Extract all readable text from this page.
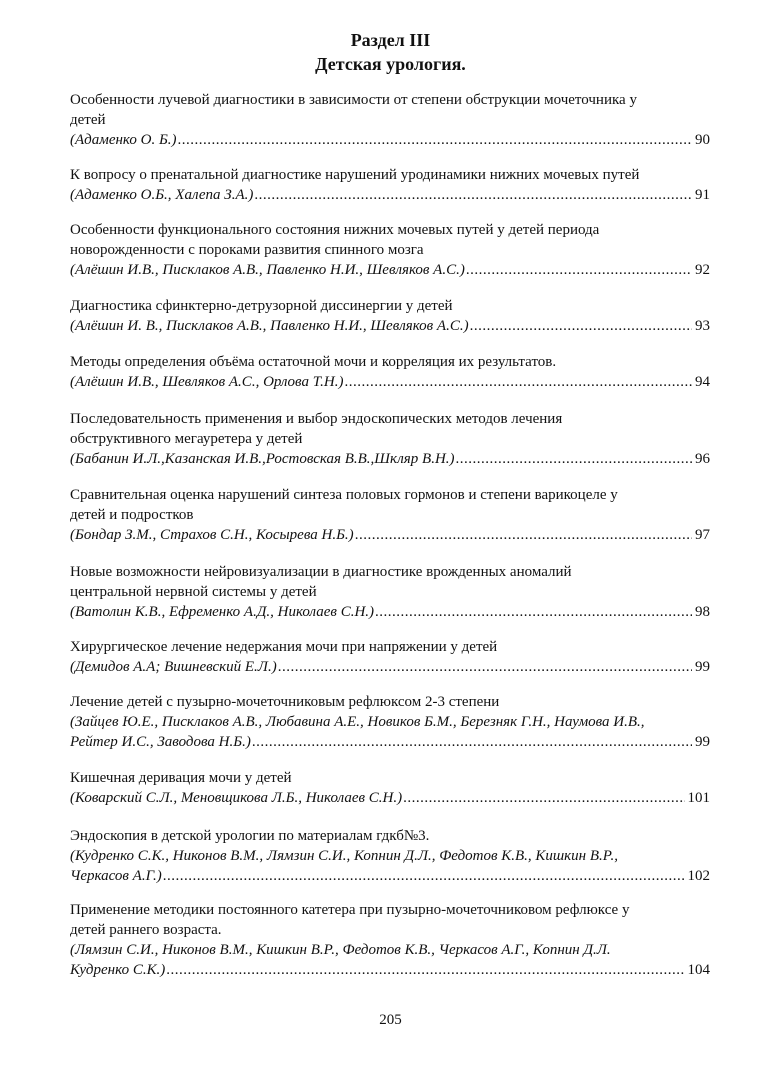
Раздел III
Детская урология.
Особенности лучевой диагностики в зависимости от степени обструкции мочеточника у
детей
(Адаменко О. Б.) .....	90
К вопросу о пренатальной диагностике нарушений уродинамики нижних мочевых путей
(Адаменко О.Б., Халепа З.А.) .....	91
Особенности функционального состояния нижних мочевых путей у детей периода
новорожденности с пороками развития спинного мозга
(Алёшин И.В., Писклаков А.В., Павленко Н.И., Шевляков А.С.) .....	92
Диагностика сфинктерно-детрузорной диссинергии у детей
(Алёшин И. В., Писклаков А.В., Павленко Н.И., Шевляков А.С.) .....	93
Методы определения объёма остаточной мочи и корреляция их результатов.
(Алёшин И.В., Шевляков А.С., Орлова Т.Н.) .....	94
Последовательность применения и выбор эндоскопических методов лечения
обструктивного мегауретера у детей
(Бабанин И.Л.,Казанская И.В.,Ростовская В.В.,Шкляр В.Н.) .....	96
Сравнительная оценка нарушений синтеза половых гормонов и степени варикоцеле у
детей и подростков
(Бондар З.М., Страхов С.Н., Косырева Н.Б.) .....	97
Новые возможности нейровизуализации в диагностике врожденных аномалий
центральной нервной системы у детей
(Ватолин К.В., Ефременко А.Д., Николаев С.Н.) .....	98
Хирургическое лечение недержания мочи при напряжении у детей
(Демидов А.А; Вишневский Е.Л.) .....	99
Лечение детей с пузырно-мочеточниковым рефлюксом 2-3 степени
(Зайцев Ю.Е., Писклаков А.В., Любавина А.Е., Новиков Б.М., Березняк Г.Н., Наумова И.В.,
Рейтер И.С., Заводова Н.Б.) .....	99
Кишечная деривация мочи у детей
(Коварский С.Л., Меновщикова Л.Б., Николаев С.Н.) .....	101
Эндоскопия в детской урологии по материалам гдкб№3.
(Кудренко С.К., Никонов В.М., Лямзин С.И., Копнин Д.Л., Федотов К.В., Кишкин В.Р.,
Черкасов А.Г.) .....	102
Применение методики постоянного катетера при пузырно-мочеточниковом рефлюксе у
детей раннего возраста.
(Лямзин С.И., Никонов В.М., Кишкин В.Р., Федотов К.В., Черкасов А.Г., Копнин Д.Л.
Кудренко С.К.) .....	104
205
